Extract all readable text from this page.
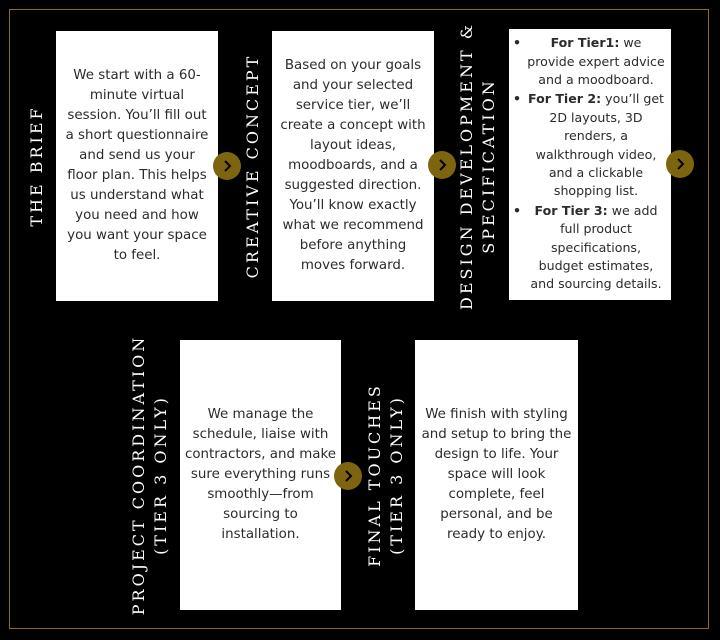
THE BRIEF

We start with a 60-minute virtual session. You’ll fill out a short questionnaire and send us your floor plan. This helps us understand what you need and how you want your space to feel.	CREATIVE CONCEPT	Based on your goals and your selected service tier, we’ll create a concept with layout ideas, moodboards, and a suggested direction. You’ll know exactly what we recommend before anything moves forward.	DESIGN DEVELOPMENT & SPECIFICATION
• For Tier1: we provide expert advice and a moodboard.
• For Tier 2: you’ll get 2D layouts, 3D renders, a walkthrough video, and a clickable shopping list.
• For Tier 3: we add full product specifications, budget estimates, and sourcing details.
PROJECT COORDINATION (TIER 3 ONLY)	We manage the schedule, liaise with contractors, and make sure everything runs smoothly—from sourcing to installation.	FINAL TOUCHES (TIER 3 ONLY)	We finish with styling and setup to bring the design to life. Your space will look complete, feel personal, and be ready to enjoy.
